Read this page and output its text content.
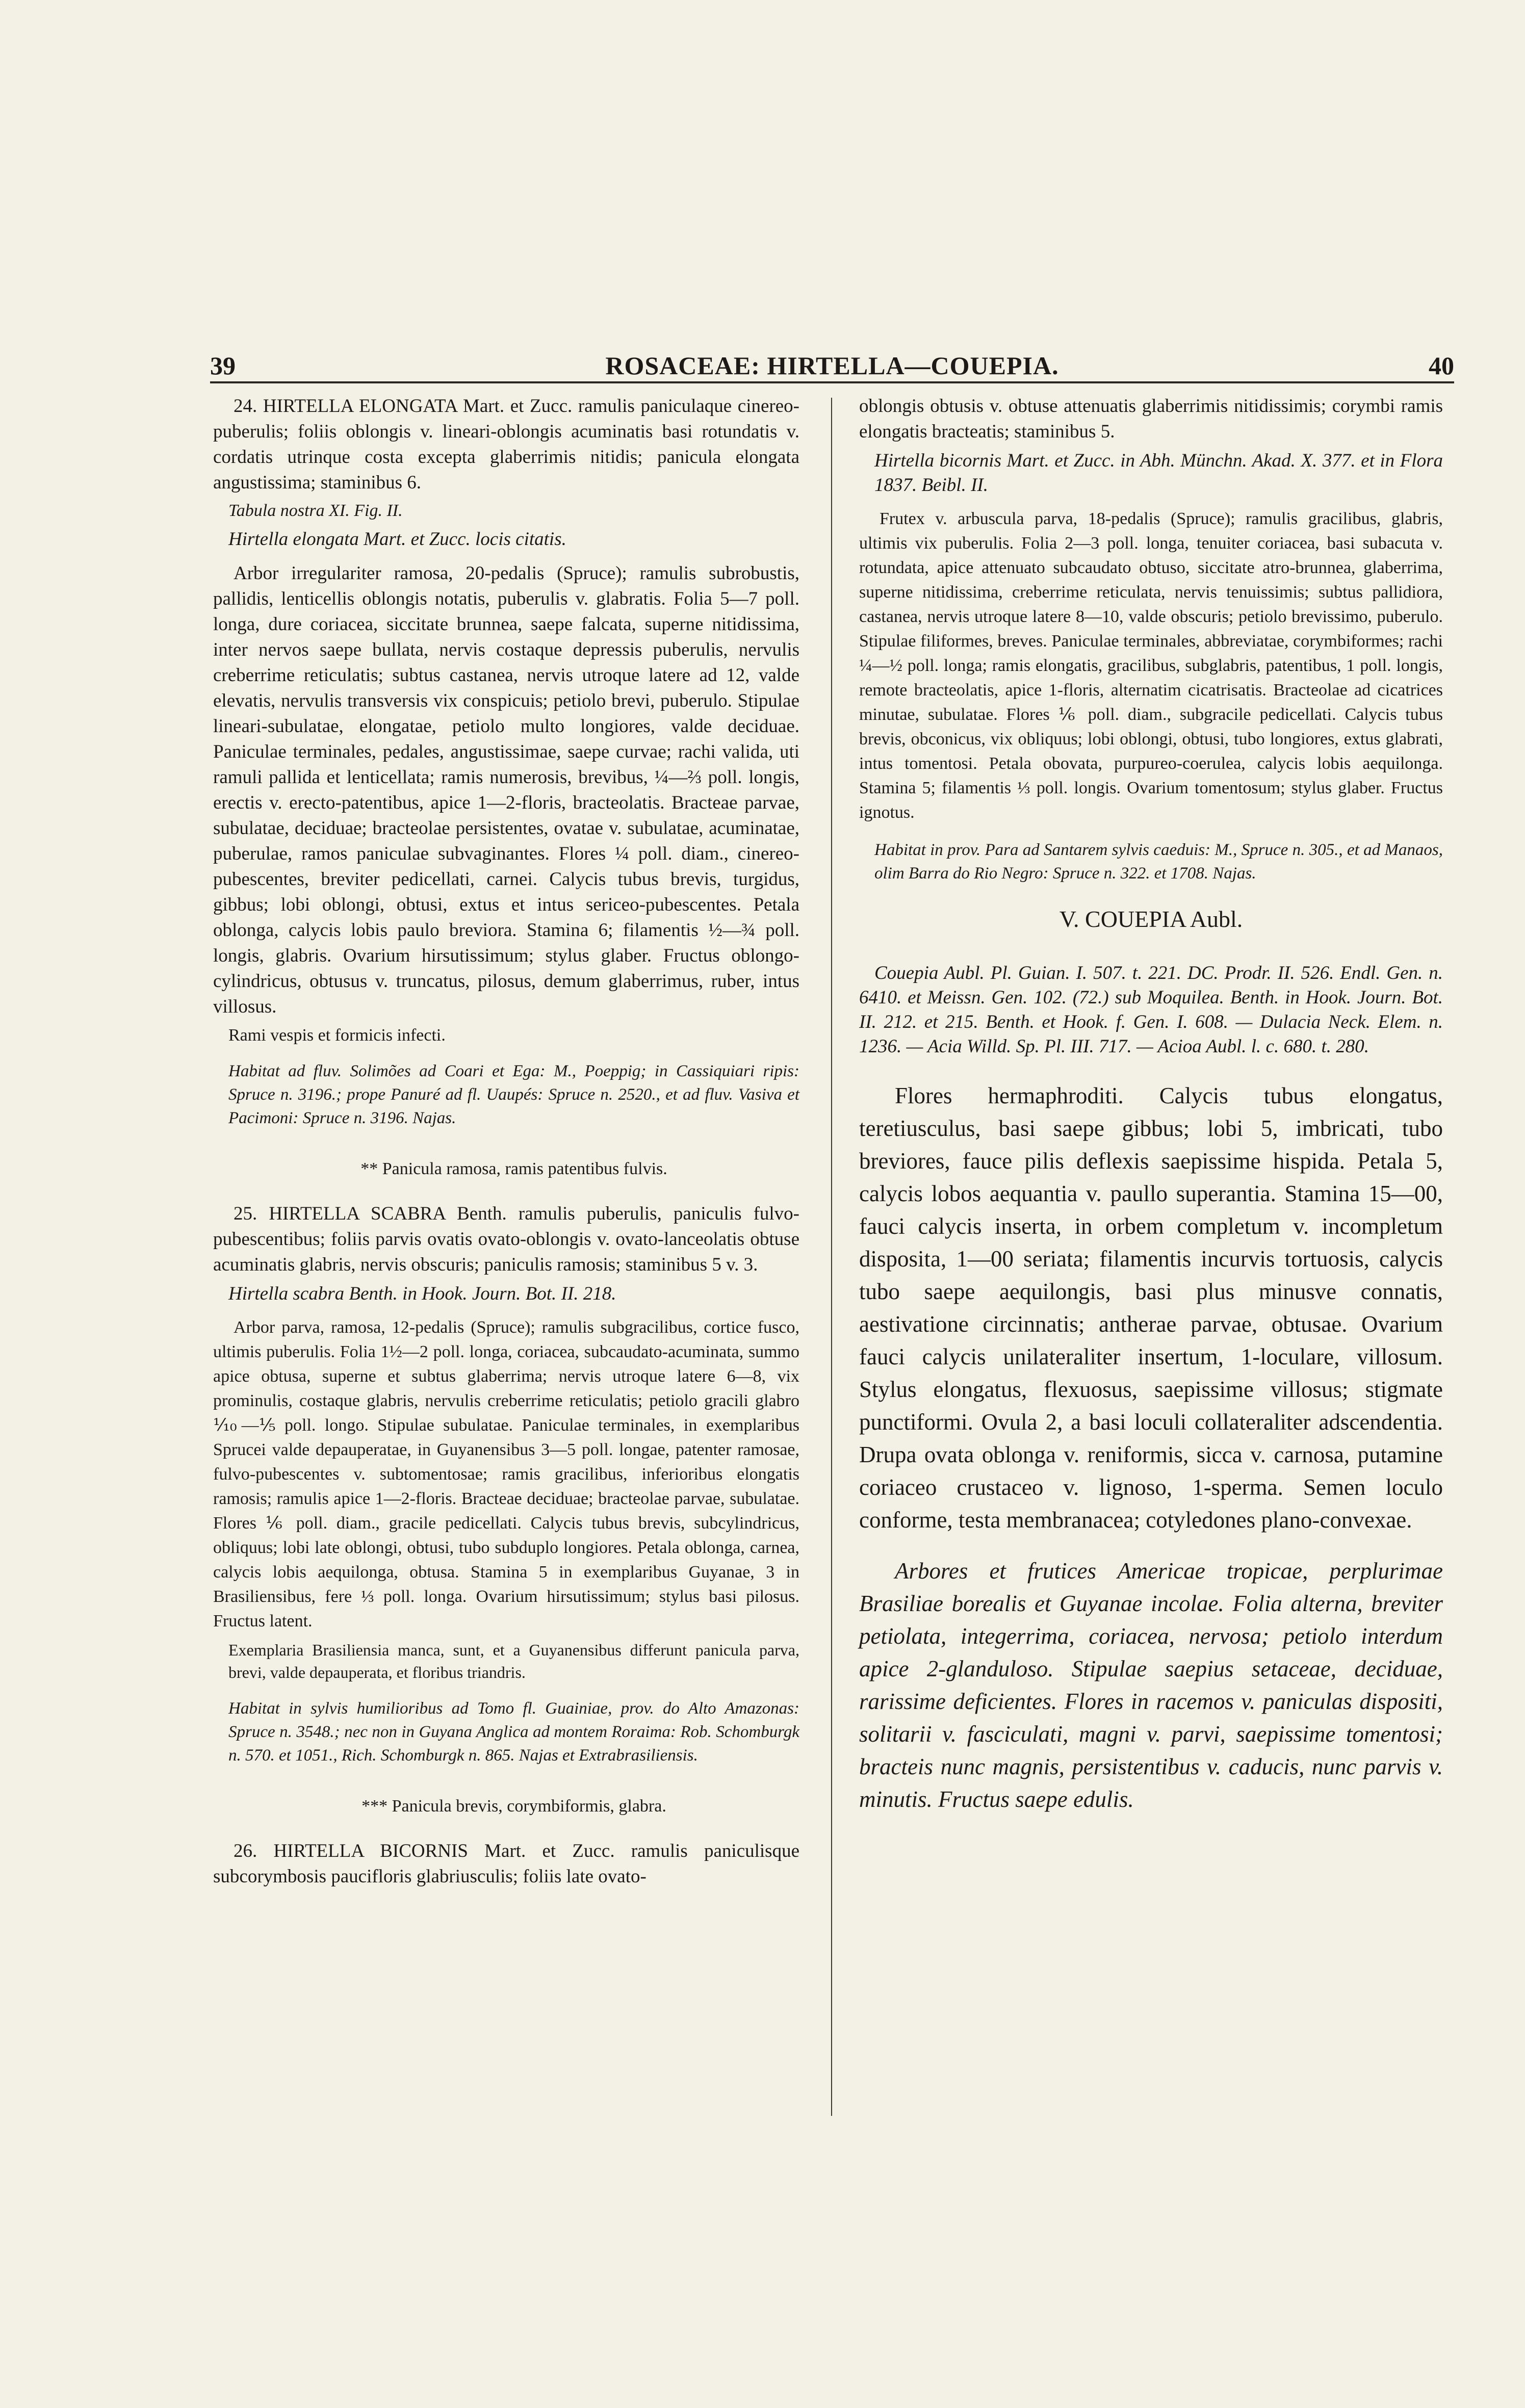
39	ROSACEAE: HIRTELLA—COUEPIA.	40

24. HIRTELLA ELONGATA Mart. et Zucc. ramulis paniculaque cinereo-puberulis; foliis oblongis v. lineari-oblongis acuminatis basi rotundatis v. cordatis utrinque costa excepta glaberrimis nitidis; panicula elongata angustissima; staminibus 6.

Tabula nostra XI. Fig. II.

Hirtella elongata Mart. et Zucc. locis citatis.

Arbor irregulariter ramosa, 20-pedalis (Spruce); ramulis subrobustis, pallidis, lenticellis oblongis notatis, puberulis v. glabratis. Folia 5—7 poll. longa, dure coriacea, siccitate brunnea, saepe falcata, superne nitidissima, inter nervos saepe bullata, nervis costaque depressis puberulis, nervulis creberrime reticulatis; subtus castanea, nervis utroque latere ad 12, valde elevatis, nervulis transversis vix conspicuis; petiolo brevi, puberulo. Stipulae lineari-subulatae, elongatae, petiolo multo longiores, valde deciduae. Paniculae terminales, pedales, angustissimae, saepe curvae; rachi valida, uti ramuli pallida et lenticellata; ramis numerosis, brevibus, ¼—⅔ poll. longis, erectis v. erecto-patentibus, apice 1—2-floris, bracteolatis. Bracteae parvae, subulatae, deciduae; bracteolae persistentes, ovatae v. subulatae, acuminatae, puberulae, ramos paniculae subvaginantes. Flores ¼ poll. diam., cinereo-pubescentes, breviter pedicellati, carnei. Calycis tubus brevis, turgidus, gibbus; lobi oblongi, obtusi, extus et intus sericeo-pubescentes. Petala oblonga, calycis lobis paulo breviora. Stamina 6; filamentis ½—¾ poll. longis, glabris. Ovarium hirsutissimum; stylus glaber. Fructus oblongo-cylindricus, obtusus v. truncatus, pilosus, demum glaberrimus, ruber, intus villosus.

Rami vespis et formicis infecti.

Habitat ad fluv. Solimões ad Coari et Ega: M., Poeppig; in Cassiquiari ripis: Spruce n. 3196.; prope Panuré ad fl. Uaupés: Spruce n. 2520., et ad fluv. Vasiva et Pacimoni: Spruce n. 3196. Najas.

** Panicula ramosa, ramis patentibus fulvis.

25. HIRTELLA SCABRA Benth. ramulis puberulis, paniculis fulvo-pubescentibus; foliis parvis ovatis ovato-oblongis v. ovato-lanceolatis obtuse acuminatis glabris, nervis obscuris; paniculis ramosis; staminibus 5 v. 3.

Hirtella scabra Benth. in Hook. Journ. Bot. II. 218.

Arbor parva, ramosa, 12-pedalis (Spruce); ramulis subgracilibus, cortice fusco, ultimis puberulis. Folia 1½—2 poll. longa, coriacea, subcaudato-acuminata, summo apice obtusa, superne et subtus glaberrima; nervis utroque latere 6—8, vix prominulis, costaque glabris, nervulis creberrime reticulatis; petiolo gracili glabro ⅒—⅕ poll. longo. Stipulae subulatae. Paniculae terminales, in exemplaribus Sprucei valde depauperatae, in Guyanensibus 3—5 poll. longae, patenter ramosae, fulvo-pubescentes v. subtomentosae; ramis gracilibus, inferioribus elongatis ramosis; ramulis apice 1—2-floris. Bracteae deciduae; bracteolae parvae, subulatae. Flores ⅙ poll. diam., gracile pedicellati. Calycis tubus brevis, subcylindricus, obliquus; lobi late oblongi, obtusi, tubo subduplo longiores. Petala oblonga, carnea, calycis lobis aequilonga, obtusa. Stamina 5 in exemplaribus Guyanae, 3 in Brasiliensibus, fere ⅓ poll. longa. Ovarium hirsutissimum; stylus basi pilosus. Fructus latent.

Exemplaria Brasiliensia manca, sunt, et a Guyanensibus differunt panicula parva, brevi, valde depauperata, et floribus triandris.

Habitat in sylvis humilioribus ad Tomo fl. Guainiae, prov. do Alto Amazonas: Spruce n. 3548.; nec non in Guyana Anglica ad montem Roraima: Rob. Schomburgk n. 570. et 1051., Rich. Schomburgk n. 865. Najas et Extrabrasiliensis.

*** Panicula brevis, corymbiformis, glabra.

26. HIRTELLA BICORNIS Mart. et Zucc. ramulis paniculisque subcorymbosis paucifloris glabriusculis; foliis late ovato-

oblongis obtusis v. obtuse attenuatis glaberrimis nitidissimis; corymbi ramis elongatis bracteatis; staminibus 5.

Hirtella bicornis Mart. et Zucc. in Abh. Münchn. Akad. X. 377. et in Flora 1837. Beibl. II.

Frutex v. arbuscula parva, 18-pedalis (Spruce); ramulis gracilibus, glabris, ultimis vix puberulis. Folia 2—3 poll. longa, tenuiter coriacea, basi subacuta v. rotundata, apice attenuato subcaudato obtuso, siccitate atro-brunnea, glaberrima, superne nitidissima, creberrime reticulata, nervis tenuissimis; subtus pallidiora, castanea, nervis utroque latere 8—10, valde obscuris; petiolo brevissimo, puberulo. Stipulae filiformes, breves. Paniculae terminales, abbreviatae, corymbiformes; rachi ¼—½ poll. longa; ramis elongatis, gracilibus, subglabris, patentibus, 1 poll. longis, remote bracteolatis, apice 1-floris, alternatim cicatrisatis. Bracteolae ad cicatrices minutae, subulatae. Flores ⅙ poll. diam., subgracile pedicellati. Calycis tubus brevis, obconicus, vix obliquus; lobi oblongi, obtusi, tubo longiores, extus glabrati, intus tomentosi. Petala obovata, purpureo-coerulea, calycis lobis aequilonga. Stamina 5; filamentis ⅓ poll. longis. Ovarium tomentosum; stylus glaber. Fructus ignotus.

Habitat in prov. Para ad Santarem sylvis caeduis: M., Spruce n. 305., et ad Manaos, olim Barra do Rio Negro: Spruce n. 322. et 1708. Najas.

V. COUEPIA Aubl.

Couepia Aubl. Pl. Guian. I. 507. t. 221. DC. Prodr. II. 526. Endl. Gen. n. 6410. et Meissn. Gen. 102. (72.) sub Moquilea. Benth. in Hook. Journ. Bot. II. 212. et 215. Benth. et Hook. f. Gen. I. 608. — Dulacia Neck. Elem. n. 1236. — Acia Willd. Sp. Pl. III. 717. — Acioa Aubl. l. c. 680. t. 280.

Flores hermaphroditi. Calycis tubus elongatus, teretiusculus, basi saepe gibbus; lobi 5, imbricati, tubo breviores, fauce pilis deflexis saepissime hispida. Petala 5, calycis lobos aequantia v. paullo superantia. Stamina 15—00, fauci calycis inserta, in orbem completum v. incompletum disposita, 1—00 seriata; filamentis incurvis tortuosis, calycis tubo saepe aequilongis, basi plus minusve connatis, aestivatione circinnatis; antherae parvae, obtusae. Ovarium fauci calycis unilateraliter insertum, 1-loculare, villosum. Stylus elongatus, flexuosus, saepissime villosus; stigmate punctiformi. Ovula 2, a basi loculi collateraliter adscendentia. Drupa ovata oblonga v. reniformis, sicca v. carnosa, putamine coriaceo crustaceo v. lignoso, 1-sperma. Semen loculo conforme, testa membranacea; cotyledones plano-convexae.

Arbores et frutices Americae tropicae, perplurimae Brasiliae borealis et Guyanae incolae. Folia alterna, breviter petiolata, integerrima, coriacea, nervosa; petiolo interdum apice 2-glanduloso. Stipulae saepius setaceae, deciduae, rarissime deficientes. Flores in racemos v. paniculas dispositi, solitarii v. fasciculati, magni v. parvi, saepissime tomentosi; bracteis nunc magnis, persistentibus v. caducis, nunc parvis v. minutis. Fructus saepe edulis.
